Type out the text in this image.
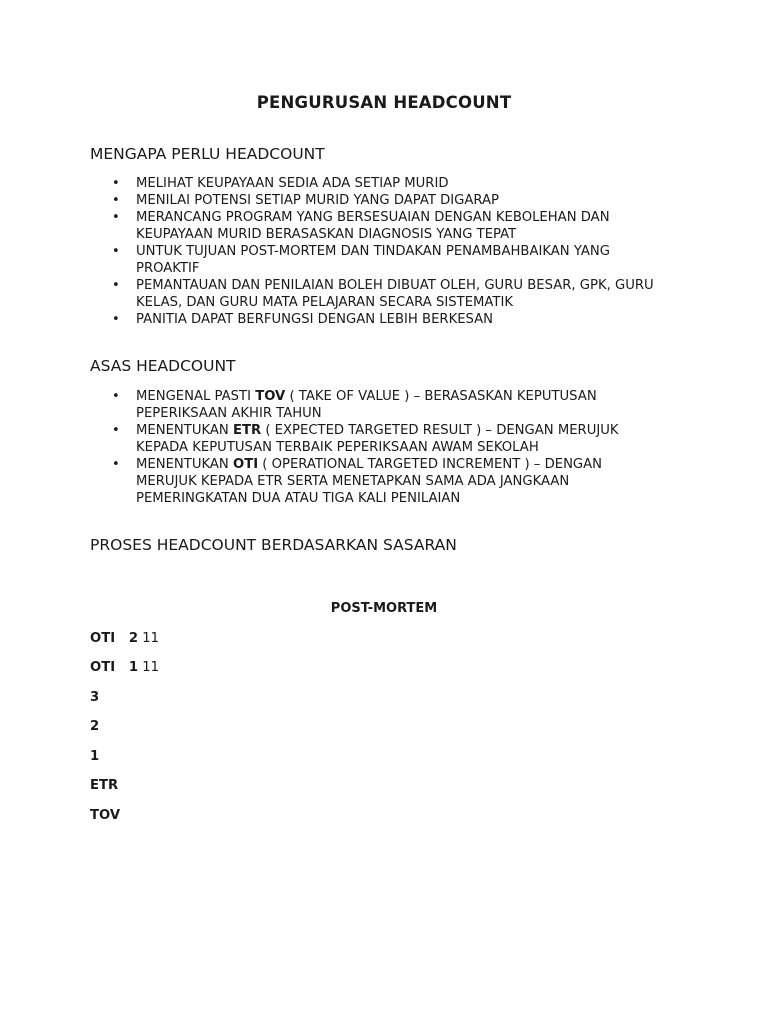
PENGURUSAN HEADCOUNT
MENGAPA PERLU HEADCOUNT
• MELIHAT KEUPAYAAN SEDIA ADA SETIAP MURID
• MENILAI POTENSI SETIAP MURID YANG DAPAT DIGARAP
• MERANCANG PROGRAM YANG BERSESUAIAN DENGAN KEBOLEHAN DAN
KEUPAYAAN MURID BERASASKAN DIAGNOSIS YANG TEPAT
• UNTUK TUJUAN POST-MORTEM DAN TINDAKAN PENAMBAHBAIKAN YANG
PROAKTIF
• PEMANTAUAN DAN PENILAIAN BOLEH DIBUAT OLEH, GURU BESAR, GPK, GURU
KELAS, DAN GURU MATA PELAJARAN SECARA SISTEMATIK
• PANITIA DAPAT BERFUNGSI DENGAN LEBIH BERKESAN
ASAS HEADCOUNT
• MENGENAL PASTI TOV ( TAKE OF VALUE ) – BERASASKAN KEPUTUSAN
PEPERIKSAAN AKHIR TAHUN
• MENENTUKAN ETR ( EXPECTED TARGETED RESULT ) – DENGAN MERUJUK
KEPADA KEPUTUSAN TERBAIK PEPERIKSAAN AWAM SEKOLAH
• MENENTUKAN OTI ( OPERATIONAL TARGETED INCREMENT ) – DENGAN
MERUJUK KEPADA ETR SERTA MENETAPKAN SAMA ADA JANGKAAN
PEMERINGKATAN DUA ATAU TIGA KALI PENILAIAN
PROSES HEADCOUNT BERDASARKAN SASARAN
POST-MORTEM
OTI   2 11
OTI   1 11
3
2
1
ETR
TOV
